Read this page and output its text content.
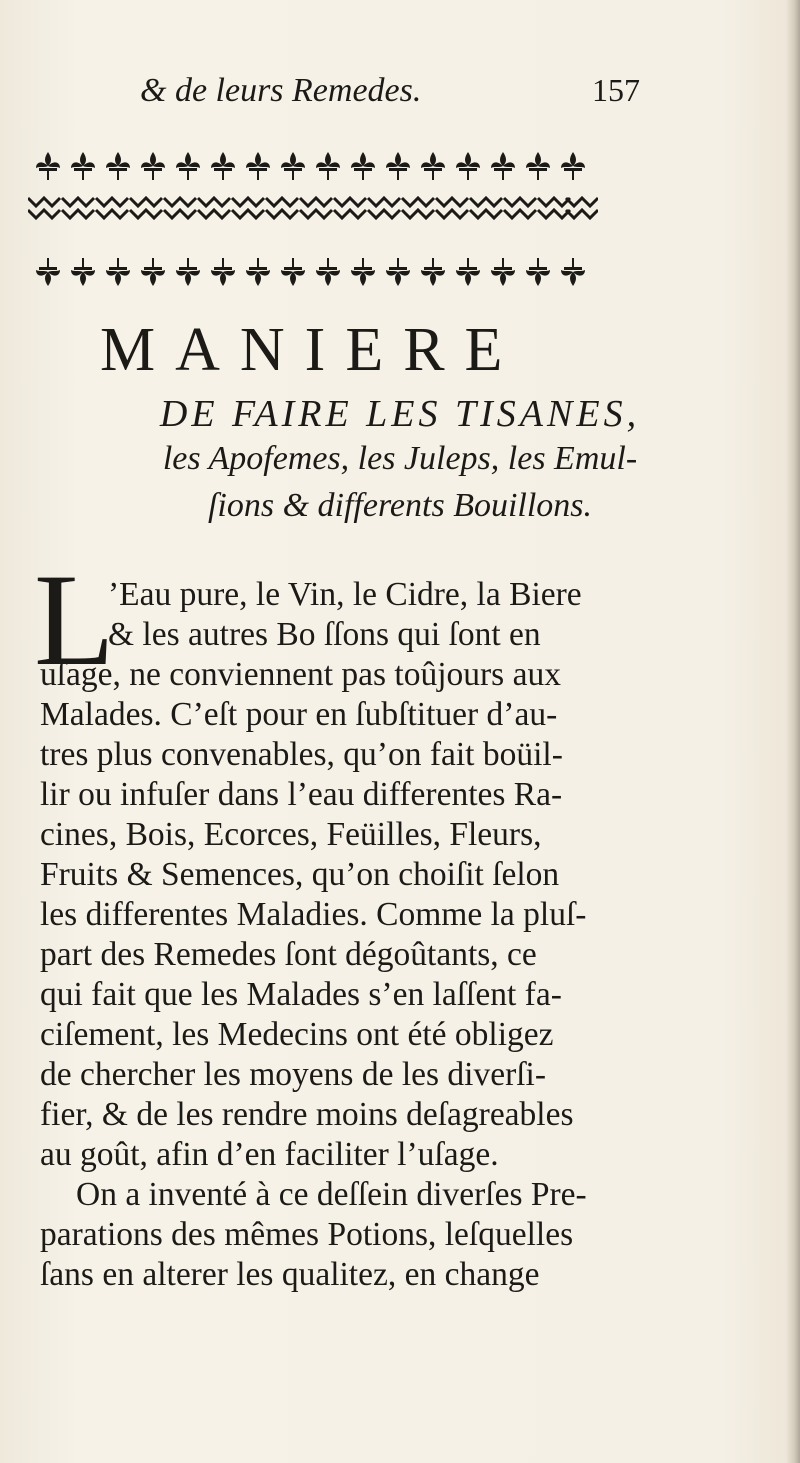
& de leurs Remedes.	157
MANIERE
DE FAIRE LES TISANES,
les Apofemes, les Juleps, les Emul-
ſions & differents Bouillons.
L
’Eau pure, le Vin, le Cidre, la Biere
& les autres Bo ſſons qui ſont en
uſage, ne conviennent pas toûjours aux
Malades. C’eſt pour en ſubſtituer d’au-
tres plus convenables, qu’on fait boüil-
lir ou infuſer dans l’eau differentes Ra-
cines, Bois, Ecorces, Feüilles, Fleurs,
Fruits & Semences, qu’on choiſit ſelon
les differentes Maladies. Comme la pluſ-
part des Remedes ſont dégoûtants, ce
qui fait que les Malades s’en laſſent fa-
ciſement, les Medecins ont été obligez
de chercher les moyens de les diverſi-
fier, & de les rendre moins deſagreables
au goût, afin d’en faciliter l’uſage.
On a inventé à ce deſſein diverſes Pre-
parations des mêmes Potions, leſquelles
ſans en alterer les qualitez, en change
